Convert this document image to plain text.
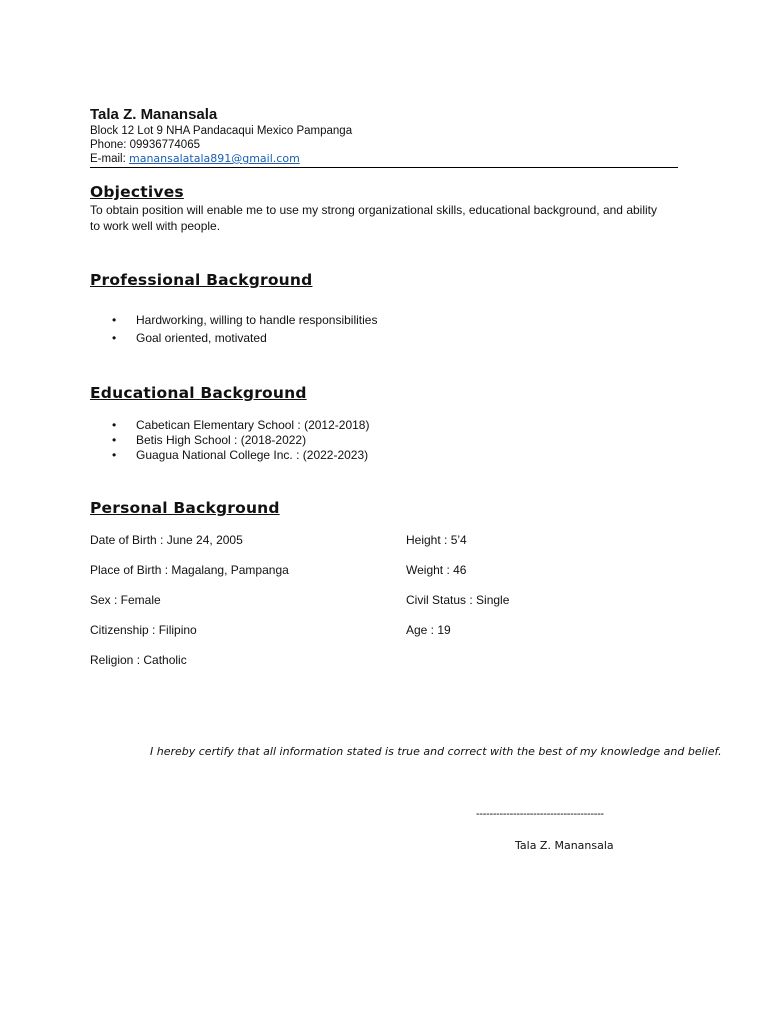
Tala Z. Manansala
Block 12 Lot 9 NHA Pandacaqui Mexico Pampanga
Phone: 09936774065
E-mail: manansalatala891@gmail.com
Objectives
To obtain position will enable me to use my strong organizational skills, educational background, and ability to work well with people.
Professional Background
• Hardworking, willing to handle responsibilities
• Goal oriented, motivated
Educational Background
• Cabetican Elementary School : (2012-2018)
• Betis High School : (2018-2022)
• Guagua National College Inc. : (2022-2023)
Personal Background
Date of Birth : June 24, 2005
Place of Birth : Magalang, Pampanga
Sex : Female
Citizenship : Filipino
Religion : Catholic
Height : 5’4
Weight : 46
Civil Status : Single
Age : 19
I hereby certify that all information stated is true and correct with the best of my knowledge and belief.
--------------------------------------
Tala Z. Manansala
